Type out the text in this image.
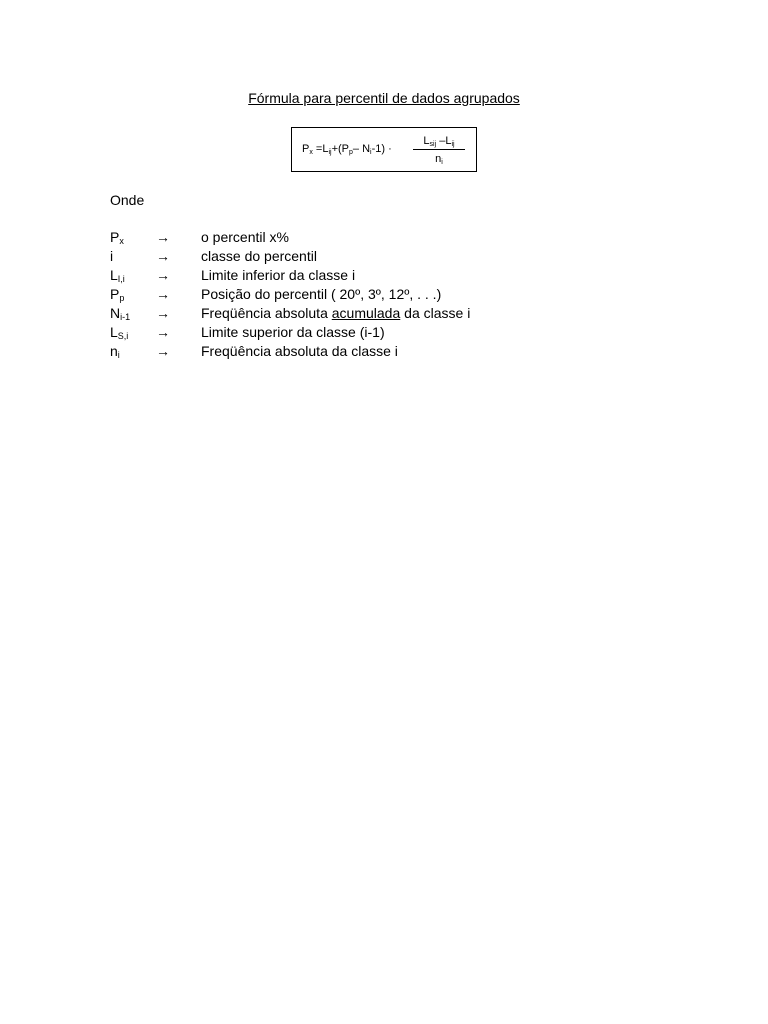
Fórmula para percentil de dados agrupados
$P_x =L_{ij}+(P_p-$ $N_i-1$) ·
$L_{sij}$ $-L_{ij}$
$n_i$
Onde
$P_x$	→	o percentil x%
i	→	classe do percentil
$L_{I,i}$	→	Limite inferior da classe i
$P_p$	→	Posição do percentil ( 20º, 3º, 12º, . . .)
$N_{i-1}$	→	Freqüência absoluta acumulada da classe i
$L_{S,i}$	→	Limite superior da classe (i-1)
$n_i$	→	Freqüência absoluta da classe i
